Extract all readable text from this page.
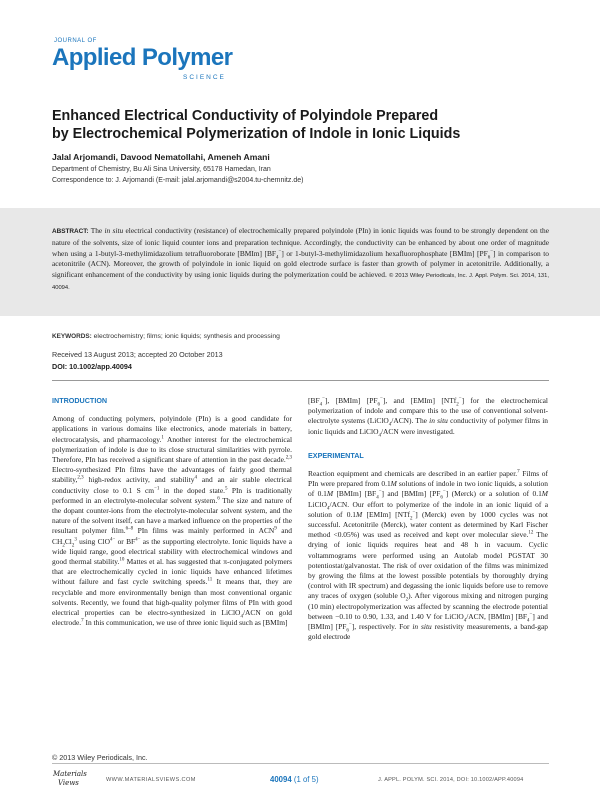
JOURNAL OF
Applied Polymer
SCIENCE
Enhanced Electrical Conductivity of Polyindole Prepared
by Electrochemical Polymerization of Indole in Ionic Liquids
Jalal Arjomandi, Davood Nematollahi, Ameneh Amani
Department of Chemistry, Bu Ali Sina University, 65178 Hamedan, Iran
Correspondence to: J. Arjomandi (E-mail: jalal.arjomandi@s2004.tu-chemnitz.de)
ABSTRACT: The in situ electrical conductivity (resistance) of electrochemically prepared polyindole (PIn) in ionic liquids was found to be strongly dependent on the nature of the solvents, size of ionic liquid counter ions and preparation technique. Accordingly, the conductivity can be enhanced by about one order of magnitude when using a 1-butyl-3-methylimidazolium tetrafluoroborate [BMIm] $[BF_4^-]$ or 1-butyl-3-methylimidazolium hexafluorophosphate [BMIm] $[PF_6^-]$ in comparison to acetonitrile (ACN). Moreover, the growth of polyindole in ionic liquid on gold electrode surface is faster than growth of polymer in acetonitrile. Additionally, a significant enhancement of the conductivity by using ionic liquids during the polymerization could be achieved. © 2013 Wiley Periodicals, Inc. J. Appl. Polym. Sci. 2014, 131, 40094.
KEYWORDS: electrochemistry; films; ionic liquids; synthesis and processing
Received 13 August 2013; accepted 20 October 2013
DOI: 10.1002/app.40094
INTRODUCTION

Among of conducting polymers, polyindole (PIn) is a good candidate for applications in various domains like electronics, anode materials in battery, electrocatalysis, and pharmacology.$^1$ Another interest for the electrochemical polymerization of indole is due to its close structural similarities with pyrrole. Therefore, PIn has received a significant share of attention in the past decade.$^{2,3}$ Electro-synthesized PIn films have the advantages of fairly good thermal stability,$^{2,3}$ high-redox activity, and stability$^4$ and an air stable electrical conductivity close to 0.1 S $cm^{-1}$ in the doped state.$^5$ PIn is traditionally performed in an electrolyte-molecular solvent system.$^6$ The size and nature of the dopant counter-ions from the electrolyte-molecular solvent system, and the nature of the solvent itself, can have a marked influence on the properties of the resultant polymer film.$^{6-8}$ PIn films was mainly performed in ACN$^9$ and $CH_2Cl_2^3$ using ClO$^{4-}$ or $BF^{4-}$ as the supporting electrolyte. Ionic liquids have a wide liquid range, good electrical stability with electrochemical windows and good thermal stability.$^{10}$ Mattes et al. has suggested that π-conjugated polymers that are electrochemically cycled in ionic liquids have enhanced lifetimes without failure and fast cycle switching speeds.$^{11}$ It means that, they are recyclable and more environmentally benign than most conventional organic solvents. Recently, we found that high-quality polymer films of PIn with good electrical properties can be electro-synthesized in LiClO$_4$/ACN on gold electrode.$^7$ In this communication, we use of three ionic liquid such as [BMIm]

$[BF_4^-]$, [BMIm] $[PF_6^-]$, and [EMIm] [NTf$_2$−] for the electrochemical polymerization of indole and compare this to the use of conventional solvent-electrolyte systems (LiClO$_4$/ACN). The in situ conductivity of polymer films in ionic liquids and LiClO$_4$/ACN were investigated.

EXPERIMENTAL

Reaction equipment and chemicals are described in an earlier paper.$^7$ Films of PIn were prepared from 0.1M solutions of indole in two ionic liquids, a solution of 0.1M [BMIm] $[BF_4^-]$ and [BMIm] $[PF_6^-]$ (Merck) or a solution of 0.1M LiClO$_4$/ACN. Our effort to polymerize of the indole in an ionic liquid of a solution of 0.1M [EMIm] [NTf$_2$−] (Merck) even by 1000 cycles was not successful. Acetonitrile (Merck), water content as determined by Karl Fischer method <0.05%) was used as received and kept over molecular sieve.$^{12}$ The drying of ionic liquids requires heat and 48 h in vacuum. Cyclic voltammograms were performed using an Autolab model PGSTAT 30 potentiostat/galvanostat. The risk of over oxidation of the films was minimized by growing the films at the lowest possible potentials by thoroughly drying (control with IR spectrum) and degassing the ionic liquids before use to remove any traces of oxygen (soluble $O_2$). After vigorous mixing and nitrogen purging (10 min) electropolymerization was affected by scanning the electrode potential between −0.10 to 0.90, 1.33, and 1.40 V for LiClO$_4$/ACN, [BMIm] $[BF_4^-]$ and [BMIm] $[PF_6^-]$, respectively. For in situ resistivity measurements, a band-gap gold electrode

© 2013 Wiley Periodicals, Inc.
Materials
Views	WWW.MATERIALSVIEWS.COM	40094 (1 of 5)	J. APPL. POLYM. SCI. 2014, DOI: 10.1002/APP.40094
